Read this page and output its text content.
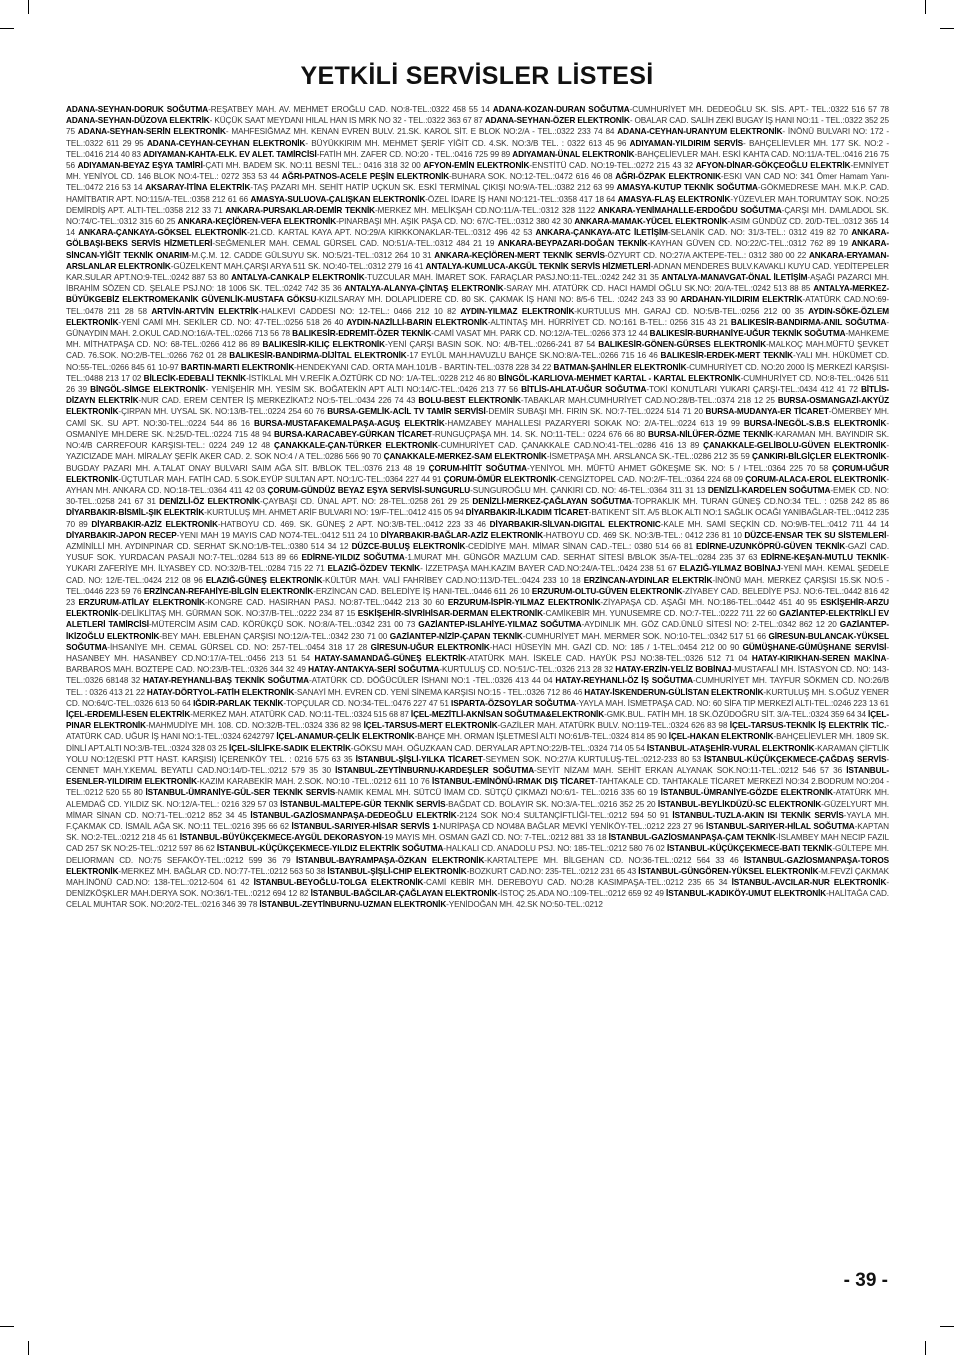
YETKİLİ SERVİSLER LİSTESİ
ADANA-SEYHAN-DORUK SOĞUTMA-REŞATBEY MAH. AV. MEHMET EROĞLU CAD. NO:8-TEL.:0322 458 55 14 ADANA-KOZAN-DURAN SOĞUTMA-CUMHURİYET MH. DEDEOĞLU SK. SİS. APT.- TEL.:0322 516 57 78 ADANA-SEYHAN-DÜZOVA ELEKTRİK- KÜÇÜK SAAT MEYDANI HILAL HAN IS MRK NO 32 - TEL.:0322 363 67 87 ADANA-SEYHAN-ÖZER ELEKTRONİK- OBALAR CAD. SALİH ZEKİ BUGAY İŞ HANI NO:11 - TEL.:0322 352 25 75 ADANA-SEYHAN-SERİN ELEKTRONİK- MAHFESIĞMAZ MH. KENAN EVREN BULV. 21.SK. KAROL SİT. E BLOK NO:2/A - TEL.:0322 233 74 84 ADANA-CEYHAN-URANYUM ELEKTRONİK- İNÖNÜ BULVARI NO: 172 - TEL.:0322 611 29 95 ADANA-CEYHAN-CEYHAN ELEKTRONİK- BÜYÜKKIRIM MH. MEHMET ŞERİF YİĞİT CD. 4.SK. NO:3/B TEL. : 0322 613 45 96 ADIYAMAN-YILDIRIM SERVİS- BAHÇELİEVLER MH. 177 SK. NO:2 - TEL.:0416 214 40 83 ADIYAMAN-KAHTA-ELK. EV ALET. TAMİRCİSİ-FATİH MH. ZAFER CD. NO:20 - TEL.:0416 725 99 89 ADIYAMAN-ÜNAL ELEKTRONİK-BAHÇELİEVLER MAH. ESKİ KAHTA CAD. NO:11/A-TEL.:0416 216 75 56 ADIYAMAN-BEYAZ EŞYA TAMİRİ-ÇATI MH. BADEM SK. NO:11 BESNİ TEL.: 0416 318 32 00 AFYON-EMİN ELEKTRONİK-ENSTİTÜ CAD. NO:19-TEL.:0272 215 43 32 AFYON-DİNAR-GÖKÇEOĞLU ELEKTRİK-EMNİYET MH. YENİYOL CD. 146 BLOK NO:4-TEL.: 0272 353 53 44 AĞRI-PATNOS-ACELE PEŞİN ELEKTRONİK-BUHARA SOK. NO:12-TEL.:0472 616 46 08 AĞRI-ÖZPAK ELEKTRONIK-ESKI VAN CAD NO: 341 Ömer Hamam Yanı-TEL.:0472 216 53 14 AKSARAY-İTİNA ELEKTRİK-TAŞ PAZARI MH. SEHİT HATİP UÇKUN SK. ESKİ TERMİNAL ÇIKIŞI NO:9/A-TEL.:0382 212 63 99 AMASYA-KUTUP TEKNİK SOĞUTMA-GÖKMEDRESE MAH. M.K.P. CAD. HAMİTBATIR APT. NO:115/A-TEL.:0358 212 61 66 AMASYA-SULUOVA-ÇALIŞKAN ELEKTRONİK-ÖZEL İDARE İŞ HANI NO:121-TEL.:0358 417 18 64 AMASYA-FLAŞ ELEKTRONİK-YÜZEVLER MAH.TORUMTAY SOK. NO:25 DEMİRDİŞ APT. ALTI-TEL.:0358 212 33 71 ANKARA-PURSAKLAR-DEMİR TEKNİK-MERKEZ MH. MELİKŞAH CD.NO:11/A-TEL.:0312 328 1122 ANKARA-YENİMAHALLE-ERDOĞDU SOĞUTMA-ÇARŞI MH. DAMLADOL SK. NO:74/C-TEL.:0312 315 60 25 ANKARA-KEÇİÖREN-VEFA ELEKTRONİK-PINARBAŞI MH. AŞIK PAŞA CD. NO: 67/C-TEL.:0312 380 42 30 ANKARA-MAMAK-YÜCEL ELEKTRONİK-ASIM GÜNDÜZ CD. 20/D-TEL.:0312 365 14 14 ANKARA-ÇANKAYA-GÖKSEL ELEKTRONİK-21.CD. KARTAL KAYA APT. NO:29/A KIRKKONAKLAR-TEL.:0312 496 42 53 ANKARA-ÇANKAYA-ATC İLETİŞİM-SELANİK CAD. NO: 31/3-TEL.: 0312 419 82 70 ANKARA-GÖLBAŞI-BEKS SERVİS HİZMETLERİ-SEĞMENLER MAH. CEMAL GÜRSEL CAD. NO:51/A-TEL.:0312 484 21 19 ANKARA-BEYPAZARI-DOĞAN TEKNİK-KAYHAN GÜVEN CD. NO:22/C-TEL.:0312 762 89 19 ANKARA-SİNCAN-YİĞİT TEKNİK ONARIM-M.Ç.M. 12. CADDE GÜLSUYU SK. NO:5/21-TEL.:0312 264 10 31 ANKARA-KEÇİÖREN-MERT TEKNİK SERVİS-ÖZYURT CD. NO:27/A AKTEPE-TEL.: 0312 380 00 22 ANKARA-ERYAMAN-ARSLANLAR ELEKTRONİK-GÜZELKENT MAH.ÇARŞI ARYA 511 SK. NO:40-TEL.:0312 279 16 41 ANTALYA-KUMLUCA-AKGÜL TEKNİK SERVİS HİZMETLERİ-ADNAN MENDERES BULV.KAVAKLI KUYU CAD. YEDİTEPELER KAR.SULAR APT.NO:9-TEL.:0242 887 53 80 ANTALYA-CANKALP ELEKTRONİK-TUZCULAR MAH. İMARET SOK. FARAÇLAR PASJ.NO:11-TEL.:0242 242 31 35 ANTALYA-MANAVGAT-ÖNAL İLETİŞİM-AŞAĞI PAZARCI MH. İBRAHİM SÖZEN CD. ŞELALE PSJ.NO: 18 1006 SK. TEL.:0242 742 35 36 ANTALYA-ALANYA-ÇİNTAŞ ELEKTRONİK-SARAY MH. ATATÜRK CD. HACI HAMDİ OĞLU SK.NO: 20/A-TEL.:0242 513 88 85 ANTALYA-MERKEZ-BÜYÜKGEBİZ ELEKTROMEKANİK GÜVENLİK-MUSTAFA GÖKSU-KIZILSARAY MH. DOLAPLIDERE CD. 80 SK. ÇAKMAK İŞ HANI NO: 8/5-6 TEL. :0242 243 33 90 ARDAHAN-YILDIRIM ELEKTRİK-ATATÜRK CAD.NO:69-TEL.:0478 211 28 58 ARTVİN-ARTVİN ELEKTRİK-HALKEVI CADDESI NO: 12-TEL.: 0466 212 10 82 AYDIN-YILMAZ ELEKTRONİK-KURTULUS MH. GARAJ CD. NO:5/B-TEL.:0256 212 00 35 AYDIN-SÖKE-ÖZLEM ELEKTRONİK-YENİ CAMİ MH. SEKİLER CD. NO: 47-TEL.:0256 518 26 40 AYDIN-NAZİLLİ-BARIN ELEKTRONİK-ALTINTAŞ MH. HÜRRİYET CD. NO:161 B-TEL.: 0256 315 43 21 BALIKESİR-BANDIRMA-ANIL SOĞUTMA-GÜNAYDIN MAH. 2.OKUL CAD.NO:16/A-TEL.:0266 713 56 78 BALIKESİR-EDREMİT-ÖZER TEKNİK-CAMİ VASAT MH. PARK CD. NO:12/A-TEL.:0266 373 12 44 BALIKESİR-BURHANİYE-UĞUR TEKNİK SOĞUTMA-MAHKEME MH. MİTHATPAŞA CD. NO: 68-TEL.:0266 412 86 89 BALIKESİR-KILIÇ ELEKTRONİK-YENİ ÇARŞI BASIN SOK. NO: 4/B-TEL.:0266-241 87 54 BALIKESİR-GÖNEN-GÜRSES ELEKTRONİK-MALKOÇ MAH.MÜFTÜ ŞEVKET CAD. 76.SOK. NO:2/B-TEL.:0266 762 01 28 BALIKESİR-BANDIRMA-DİJİTAL ELEKTRONİK-17 EYLÜL MAH.HAVUZLU BAHÇE SK.NO:8/A-TEL.:0266 715 16 46 BALIKESİR-ERDEK-MERT TEKNİK-YALI MH. HÜKÜMET CD. NO:55-TEL.:0266 845 61 10-97 BARTIN-MARTI ELEKTRONİK-HENDEKYANI CAD. ORTA MAH.101/B - BARTIN-TEL.:0378 228 34 22 BATMAN-ŞAHİNLER ELEKTRONİK-CUMHURİYET CD. NO:20 2000 İŞ MERKEZİ KARŞISI-TEL.:0488 213 17 02 BİLECİK-EDEBALİ TEKNİK-İSTİKLAL MH V.REFİK A.ÖZTÜRK CD NO: 1/A-TEL.:0228 212 46 80 BİNGÖL-KARLIOVA-MEHMET KARTAL - KARTAL ELEKTRONİK-CUMHURİYET CD. NO:8-TEL.:0426 511 26 39 BİNGÖL-SİMGE ELEKTRONİK- YENİŞEHİR MH. YESİM SK. BOĞATEKİN APT ALTI NO:14/C-TEL.:0426 213 77 56 BİTLİS-AHLAT-UĞUR SOĞUTMA-TOKİ KONUTLARI YUKARI ÇARŞI-TEL.:0434 412 41 72 BİTLİS-DİZAYN ELEKTRİK-NUR CAD. EREM CENTER İŞ MERKEZİKAT:2 NO:5-TEL.:0434 226 74 43 BOLU-BEST ELEKTRONİK-TABAKLAR MAH.CUMHURİYET CAD.NO:28/B-TEL.:0374 218 12 25 BURSA-OSMANGAZİ-AKYÜZ ELEKTRONİK-ÇIRPAN MH. UYSAL SK. NO:13/B-TEL.:0224 254 60 76 BURSA-GEMLİK-ACİL TV TAMİR SERVİSİ-DEMİR SUBAŞI MH. FIRIN SK. NO:7-TEL.:0224 514 71 20 BURSA-MUDANYA-ER TİCARET-ÖMERBEY MH. CAMİ SK. SU APT. NO:30-TEL.:0224 544 86 16 BURSA-MUSTAFAKEMALPAŞA-AGUŞ ELEKTRİK-HAMZABEY MAHALLESI PAZARYERI SOKAK NO: 2/A-TEL.:0224 613 19 99 BURSA-İNEGÖL-S.B.S ELEKTRONİK-OSMANİYE MH.DERE SK. N:25/D-TEL.:0224 715 48 94 BURSA-KARACABEY-GÜRKAN TİCARET-RUNGUÇPAŞA MH. 14. SK. NO:11-TEL.: 0224 676 66 80 BURSA-NİLÜFER-ÖZME TEKNİK-KARAMAN MH. BAYINDIR SK. NO:4/B CARREFOUR KARŞISI-TEL.: 0224 249 12 48 ÇANAKKALE-ÇAN-TÜRKER ELEKTRONİK-CUMHURİYET CAD. ÇANAKKALE CAD.NO:41-TEL.:0286 416 13 89 ÇANAKKALE-GELİBOLU-GÜVEN ELEKTRONİK-YAZICIZADE MAH. MİRALAY ŞEFİK AKER CAD. 2. SOK NO:4 / A TEL.:0286 566 90 70 ÇANAKKALE-MERKEZ-SAM ELEKTRONİK-İSMETPAŞA MH. ARSLANCA SK.-TEL.:0286 212 35 59 ÇANKIRI-BİLGİÇLER ELEKTRONİK-BUGDAY PAZARI MH. A.TALAT ONAY BULVARI SAIM AĞA SİT. B/BLOK TEL.:0376 213 48 19 ÇORUM-HİTİT SOĞUTMA-YENİYOL MH. MÜFTÜ AHMET GÖKEŞME SK. NO: 5 / I-TEL.:0364 225 70 58 ÇORUM-UĞUR ELEKTRONİK-ÜÇTUTLAR MAH. FATİH CAD. 5.SOK.EYÜP SULTAN APT. NO:1/C-TEL.:0364 227 44 91 ÇORUM-ÖMÜR ELEKTRONİK-CENGİZTOPEL CAD. NO:2/F-TEL.:0364 224 68 09 ÇORUM-ALACA-EROL ELEKTRONİK-AYHAN MH. ANKARA CD. NO:18-TEL.:0364 411 42 03 ÇORUM-GÜNDÜZ BEYAZ EŞYA SERVİSİ-SUNGURLU-SUNGUROĞLU MH. ÇANKIRI CD. NO: 46-TEL.:0364 311 31 13 DENİZLİ-KARDELEN SOĞUTMA-EMEK CD. NO: 30-TEL.:0258 241 67 31 DENİZLİ-ÖZ ELEKTRONİK-ÇAYBAŞI CD. ÜNAL APT. NO: 28-TEL.:0258 261 29 25 DENİZLİ-MERKEZ-ÇAĞLAYAN SOĞUTMA-TOPRAKLIK MH. TURAN GÜNEŞ CD.NO:34 TEL. : 0258 242 85 86 DİYARBAKIR-BİSMİL-ŞIK ELEKTRİK-KURTULUŞ MH. AHMET ARİF BULVARI NO: 19/F-TEL.:0412 415 05 94 DİYARBAKIR-İLKADIM TİCARET-BATIKENT SİT. A/5 BLOK ALTI NO:1 SAĞLIK OCAĞI YANIBAĞLAR-TEL.:0412 235 70 89 DİYARBAKIR-AZİZ ELEKTRONİK-HATBOYU CD. 469. SK. GÜNEŞ 2 APT. NO:3/B-TEL.:0412 223 33 46 DİYARBAKIR-SİLVAN-DIGITAL ELEKTRONIC-KALE MH. SAMİ SEÇKİN CD. NO:9/B-TEL.:0412 711 44 14 DİYARBAKIR-JAPON RECEP-YENI MAH 19 MAYIS CAD NO74-TEL.:0412 511 24 10 DİYARBAKIR-BAĞLAR-AZİZ ELEKTRONİK-HATBOYU CD. 469 SK. NO:3/B-TEL.: 0412 236 81 10 DÜZCE-ENSAR TEK SU SİSTEMLERİ-AZMİNİLLİ MH. AYDINPINAR CD. SERHAT SK.NO:1/B-TEL.:0380 514 34 12 DÜZCE-BULUŞ ELEKTRONİK-CEDİDİYE MAH. MİMAR SİNAN CAD.-TEL.: 0380 514 66 81 EDİRNE-UZUNKÖPRÜ-GÜVEN TEKNİK-GAZİ CAD. YUSUF SOK. YURDACAN PASAJI NO:7-TEL.:0284 513 89 66 EDİRNE-YILDIZ SOĞUTMA-1.MURAT MH. GÜNGÖR MAZLUM CAD. SERHAT SİTESİ B/BLOK 35/A-TEL.:0284 235 37 63 EDİRNE-KEŞAN-MUTLU TEKNİK-YUKARI ZAFERİYE MH. İLYASBEY CD. NO:32/B-TEL.:0284 715 22 71 ELAZIĞ-ÖZDEV TEKNİK- İZZETPAŞA MAH.KAZIM BAYER CAD.NO:24/A-TEL.:0424 238 51 67 ELAZIĞ-YILMAZ BOBİNAJ-YENİ MAH. KEMAL ŞEDELE CAD. NO: 12/E-TEL.:0424 212 08 96 ELAZIĞ-GÜNEŞ ELEKTRONİK-KÜLTÜR MAH. VALİ FAHRİBEY CAD.NO:113/D-TEL.:0424 233 10 18 ERZİNCAN-AYDINLAR ELEKTRİK-İNÖNÜ MAH. MERKEZ ÇARŞISI 15.SK NO:5 -TEL.:0446 223 59 76 ERZİNCAN-REFAHİYE-BİLGİN ELEKTRONİK-ERZİNCAN CAD. BELEDİYE İŞ HANI-TEL.:0446 611 26 10 ERZURUM-OLTU-GÜVEN ELEKTRONİK-ZİYABEY CAD. BELEDİYE PSJ. NO:6-TEL.:0442 816 42 23 ERZURUM-ATİLAY ELEKTRONİK-KONGRE CAD. HASIRHAN PASJ. NO:87-TEL.:0442 213 30 60 ERZURUM-İSPİR-YILMAZ ELEKTRONİK-ZİYAPAŞA CD. AŞAĞI MH. NO:186-TEL.:0442 451 40 95 ESKİŞEHİR-ARZU ELEKTRONİK-DELİKLİTAŞ MH. GÜRMAN SOK. NO:37/B-TEL.:0222 234 87 15 ESKİŞEHİR-SİVRİHİSAR-DERMAN ELEKTRONİK-CAMİKEBİR MH. YUNUSEMRE CD. NO:7-TEL.:0222 711 22 60 GAZİANTEP-ELEKTRİKLİ EV ALETLERİ TAMİRCİSİ-MÜTERCİM ASIM CAD. KÖRÜKÇÜ SOK. NO:8/A-TEL.:0342 231 00 73 GAZİANTEP-ISLAHİYE-YILMAZ SOĞUTMA-AYDINLIK MH. GÖZ CAD.ÜNLÜ SİTESİ NO: 2-TEL.:0342 862 12 20 GAZİANTEP-İKİZOĞLU ELEKTRONİK-BEY MAH. EBLEHAN ÇARŞISI NO:12/A-TEL.:0342 230 71 00 GAZİANTEP-NİZİP-ÇAPAN TEKNİK-CUMHURİYET MAH. MERMER SOK. NO:10-TEL.:0342 517 51 66 GİRESUN-BULANCAK-YÜKSEL SOĞUTMA-İHSANİYE MH. CEMAL GÜRSEL CD. NO: 257-TEL.:0454 318 17 28 GİRESUN-UĞUR ELEKTRONİK-HACI HÜSEYİN MH. GAZİ CD. NO: 185 / 1-TEL.:0454 212 00 90 GÜMÜŞHANE-GÜMÜŞHANE SERVİSİ-HASANBEY MH. HASANBEY CD.NO:17/A-TEL.:0456 213 51 54 HATAY-SAMANDAĞ-GÜNEŞ ELEKTRİK-ATATÜRK MAH. İSKELE CAD. HAYÜK PSJ NO:38-TEL.:0326 512 71 04 HATAY-KIRIKHAN-SEREN MAKİNA-BARBAROS MAH. BOZTEPE CAD. NO:23/B-TEL.:0326 344 32 49 HATAY-ANTAKYA-SERİ SOĞUTMA-KURTULUŞ CD. NO:51/C-TEL.:0326 213 28 32 HATAY-ERZİN-YELİZ BOBİNAJ-MUSTAFALİ MH. İSTASYON CD. NO: 143-TEL.:0326 68148 32 HATAY-REYHANLI-BAŞ TEKNİK SOĞUTMA-ATATÜRK CD. DÖĞÜCÜLER İSHANI NO:1 -TEL.:0326 413 44 04 HATAY-REYHANLI-ÖZ İŞ SOĞUTMA-CUMHURİYET MH. TAYFUR SÖKMEN CD. NO:26/B TEL. : 0326 413 21 22 HATAY-DÖRTYOL-FATİH ELEKTRONİK-SANAYİ MH. EVREN CD. YENİ SİNEMA KARŞISI NO:15 - TEL.:0326 712 86 46 HATAY-İSKENDERUN-GÜLİSTAN ELEKTRONİK-KURTULUŞ MH. S.OĞUZ YENER CD. NO:64/C-TEL.:0326 613 50 64 IĞDIR-PARLAK TEKNİK-TOPÇULAR CD. NO:34-TEL.:0476 227 47 51 ISPARTA-ÖZSOYLAR SOĞUTMA-YAYLA MAH. İSMETPAŞA CAD. NO: 60 SİFA TIP MERKEZİ ALTI-TEL.:0246 223 13 61 İÇEL-ERDEMLİ-ESEN ELEKTRİK-MERKEZ MAH. ATATÜRK CAD. NO:11-TEL.:0324 515 68 87 İÇEL-MEZİTLİ-AKNİSAN SOĞUTMA&ELEKTRONİK-GMK.BUL. FATİH MH. 18 SK.ÖZÜDOĞRU SİT. 3/A-TEL.:0324 359 64 34 İÇEL-PINAR ELEKTRONİK-MAHMUDİYE MH. 108. CD. NO:32/B-TEL.:0324 336 82 98 İÇEL-TARSUS-MERT ELEKTRONİK-GAZİLER MAH. ATATÜRK BULV. NO:119-TEL.:0324 626 83 98 İÇEL-TARSUS-TEKNİK İŞ ELEKTRİK TİC.-ATATÜRK CAD. UĞUR İŞ HANI NO:1-TEL.:0324 6242797 İÇEL-ANAMUR-ÇELİK ELEKTRONİK-BAHÇE MH. ORMAN İŞLETMESİ ALTI NO:61/B-TEL.:0324 814 85 90 İÇEL-HAKAN ELEKTRONİK-BAHÇELİEVLER MH. 1809 SK. DİNLİ APT.ALTI NO:3/B-TEL.:0324 328 03 25 İÇEL-SİLİFKE-SADIK ELEKTRİK-GÖKSU MAH. OĞUZKAAN CAD. DERYALAR APT.NO:22/B-TEL.:0324 714 05 54 İSTANBUL-ATAŞEHİR-VURAL ELEKTRONİK-KARAMAN ÇİFTLİK YOLU NO:12(ESKİ PTT HAST. KARŞISI) İÇERENKÖY TEL. : 0216 575 63 35 İSTANBUL-ŞİŞLİ-YILKA TİCARET-SEYMEN SOK. NO:27/A KURTULUŞ-TEL.:0212-233 80 53 İSTANBUL-KÜÇÜKÇEKMECE-ÇAĞDAŞ SERVİS-CENNET MAH.Y.KEMAL BEYATLI CAD.NO:14/D-TEL.:0212 579 35 30 İSTANBUL-ZEYTİNBURNU-KARDEŞLER SOĞUTMA-SEYİT NİZAM MAH. SEHİT ERKAN ALYANAK SOK.NO:11-TEL.:0212 546 57 36 İSTANBUL-ESENLER-YILDIRIM ELEKTRONİK-KAZIM KARABEKİR MAH. 2.SOK. NO:10 -TEL.:0212 611 10 76 İSTANBUL-EMİNÖNÜ-IRMAK DIŞ TİCARET-TAHTAKALE CD. TAHTAKALE TİCARET MERKEZİ NO:34 2.BODRUM NO:204 -TEL.:0212 520 55 80 İSTANBUL-ÜMRANİYE-GÜL-SER TEKNİK SERVİS-NAMIK KEMAL MH. SÜTCÜ İMAM CD. SÜTÇÜ ÇIKMAZI NO:6/1- TEL.:0216 335 60 19 İSTANBUL-ÜMRANİYE-GÖZDE ELEKTRONİK-ATATÜRK MH. ALEMDAĞ CD. YILDIZ SK. NO:12/A-TEL.: 0216 329 57 03 İSTANBUL-MALTEPE-GÜR TEKNİK SERVİS-BAĞDAT CD. BOLAYIR SK. NO:3/A-TEL.:0216 352 25 20 İSTANBUL-BEYLİKDÜZÜ-SC ELEKTRONİK-GÜZELYURT MH. MİMAR SİNAN CD. NO:71-TEL.:0212 852 34 45 İSTANBUL-GAZİOSMANPAŞA-DEDEOĞLU ELEKTRİK-2124 SOK NO:4 SULTANÇİFTLİĞİ-TEL.:0212 594 50 91 İSTANBUL-TUZLA-AKIN ISI TEKNİK SERVİS-YAYLA MH. F.ÇAKMAK CD. İSMAİL AĞA SK. NO:11 TEL.:0216 395 66 62 İSTANBUL-SARIYER-HİSAR SERVİS 1-NURİPAŞA CD NO\48A BAĞLAR MEVKİ YENİKÖY-TEL.:0212 223 27 96 İSTANBUL-SARIYER-HİLAL SOĞUTMA-KAPTAN SK. NO:2-TEL.:0212 218 45 61 İSTANBUL-BÜYÜKÇEKMECE-AYGÜL DEKORASYON-19 MAYIS MH. OSMAN GAZİ CD. NO: 7-TEL.:0212 881 33 18 İSTANBUL-GAZİOSMANPAŞA-ÇAM TEKNİK-İSLAMBEY MAH NECIP FAZIL CAD 257 SK NO:25-TEL.:0212 597 86 62 İSTANBUL-KÜÇÜKÇEKMECE-YILDIZ ELEKTRİK SOĞUTMA-HALKALI CD. ANADOLU PSJ. NO: 185-TEL.:0212 580 76 02 İSTANBUL-KÜÇÜKÇEKMECE-BATI TEKNİK-GÜLTEPE MH. DELIORMAN CD. NO:75 SEFAKÖY-TEL.:0212 599 36 79 İSTANBUL-BAYRAMPAŞA-ÖZKAN ELEKTRONİK-KARTALTEPE MH. BİLGEHAN CD. NO:36-TEL.:0212 564 33 46 İSTANBUL-GAZİOSMANPAŞA-TOROS ELEKTRONİK-MERKEZ MH. BAĞLAR CD. NO:77-TEL.:0212 563 50 38 İSTANBUL-ŞİŞLİ-CHIP ELEKTRONİK-BOZKURT CAD.NO: 235-TEL.:0212 231 65 43 İSTANBUL-GÜNGÖREN-YÜKSEL ELEKTRONİK-M.FEVZİ ÇAKMAK MAH.İNÖNÜ CAD.NO: 138-TEL.:0212-504 61 42 İSTANBUL-BEYOĞLU-TOLGA ELEKTRONİK-CAMİ KEBİR MH. DEREBOYU CAD. NO:28 KASIMPAŞA-TEL.:0212 235 65 34 İSTANBUL-AVCILAR-NUR ELEKTRONİK-DENİZKÖŞKLER MAH.DERYA SOK. NO:36/1-TEL.:0212 694 12 82 İSTANBUL-BAĞCILAR-ÇAĞLAYAN ELEKTRONİK-İSTOÇ 25.ADA NO.:109-TEL.:0212 659 92 49 İSTANBUL-KADIKÖY-UMUT ELEKTRONİK-HALİTAĞA CAD. CELAL MUHTAR SOK. NO:20/2-TEL.:0216 346 39 78 İSTANBUL-ZEYTİNBURNU-UZMAN ELEKTRONİK-YENİDOĞAN MH. 42.SK NO:50-TEL.:0212
- 39 -
